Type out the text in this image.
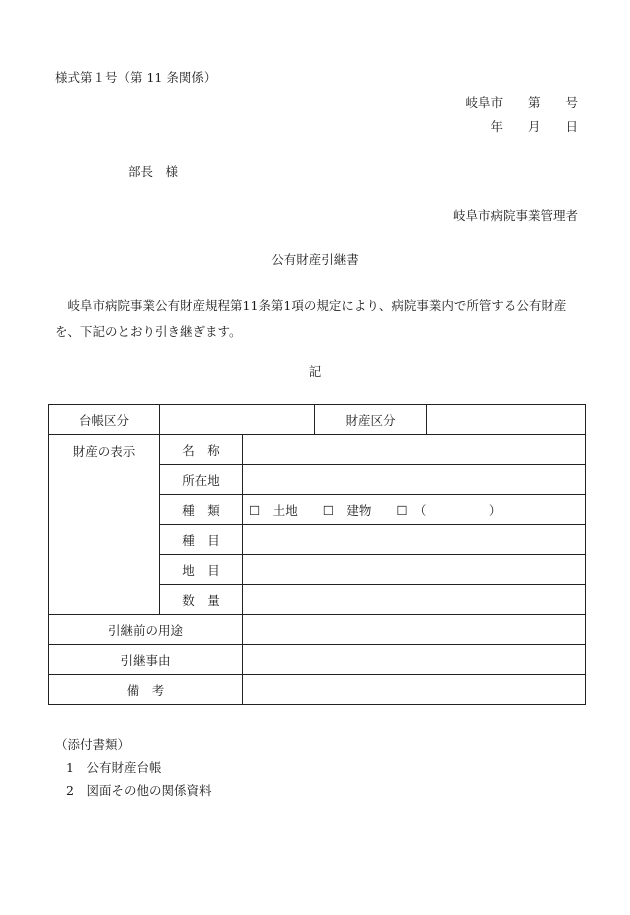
様式第１号（第 11 条関係）
岐阜市　　第　　号
年　　月　　日
部長　様
岐阜市病院事業管理者
公有財産引継書
岐阜市病院事業公有財産規程第11条第1項の規定により、病院事業内で所管する公有財産を、下記のとおり引き継ぎます。
記
台帳区分			財産区分	
財産の表示	名　称			
	所在地			
	種　類	☐　土地　　☐　建物　　☐　（　　　　　）		
	種　目			
	地　目			
	数　量			
引継前の用途				
引継事由				
備　考				
（添付書類）
1　公有財産台帳
2　図面その他の関係資料
